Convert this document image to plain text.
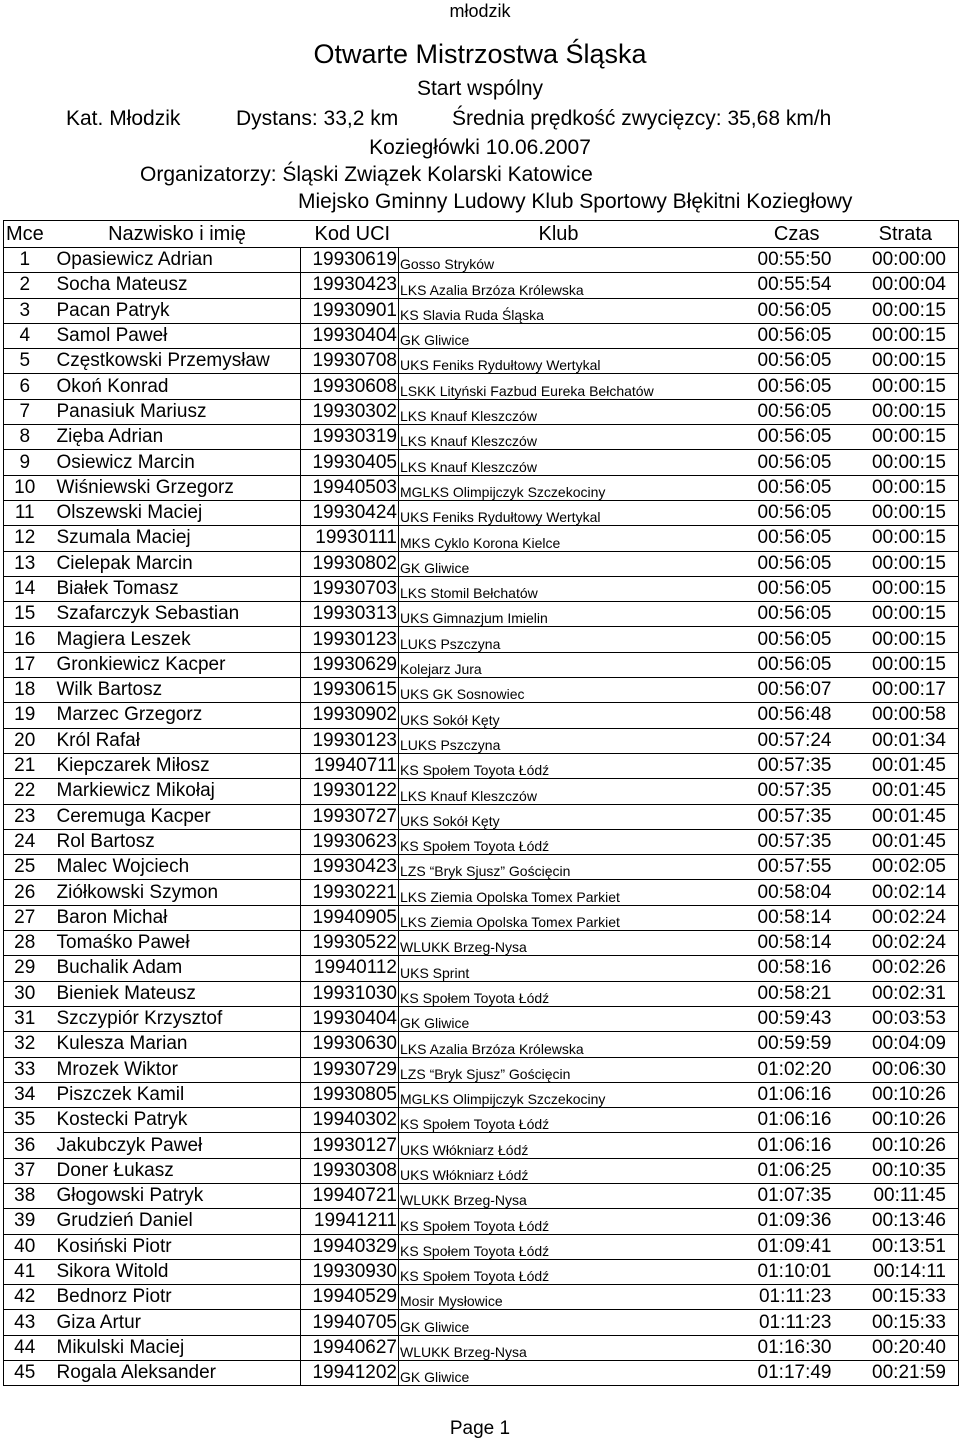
młodzik
Otwarte Mistrzostwa Śląska
Start wspólny
Kat. Młodzik	Dystans: 33,2 km	Średnia prędkość zwycięzcy: 35,68 km/h
Koziegłówki 10.06.2007
Organizatorzy: Śląski Związek Kolarski Katowice
Miejsko Gminny Ludowy Klub Sportowy Błękitni Koziegłowy
Mce	Nazwisko i imię	Kod UCI	Klub	Czas	Strata
1	Opasiewicz Adrian	19930619	Gosso Stryków	00:55:50	00:00:00
2	Socha Mateusz	19930423	LKS Azalia Brzóza Królewska	00:55:54	00:00:04
3	Pacan Patryk	19930901	KS Slavia Ruda Śląska	00:56:05	00:00:15
4	Samol Paweł	19930404	GK Gliwice	00:56:05	00:00:15
5	Częstkowski Przemysław	19930708	UKS Feniks Rydułtowy Wertykal	00:56:05	00:00:15
6	Okoń Konrad	19930608	LSKK Lityński Fazbud Eureka Bełchatów	00:56:05	00:00:15
7	Panasiuk Mariusz	19930302	LKS Knauf Kleszczów	00:56:05	00:00:15
8	Zięba Adrian	19930319	LKS Knauf Kleszczów	00:56:05	00:00:15
9	Osiewicz Marcin	19930405	LKS Knauf Kleszczów	00:56:05	00:00:15
10	Wiśniewski Grzegorz	19940503	MGLKS Olimpijczyk Szczekociny	00:56:05	00:00:15
11	Olszewski Maciej	19930424	UKS Feniks Rydułtowy Wertykal	00:56:05	00:00:15
12	Szumala Maciej	19930111	MKS Cyklo Korona Kielce	00:56:05	00:00:15
13	Cielepak Marcin	19930802	GK Gliwice	00:56:05	00:00:15
14	Białek Tomasz	19930703	LKS Stomil Bełchatów	00:56:05	00:00:15
15	Szafarczyk Sebastian	19930313	UKS Gimnazjum Imielin	00:56:05	00:00:15
16	Magiera Leszek	19930123	LUKS Pszczyna	00:56:05	00:00:15
17	Gronkiewicz Kacper	19930629	Kolejarz Jura	00:56:05	00:00:15
18	Wilk Bartosz	19930615	UKS GK Sosnowiec	00:56:07	00:00:17
19	Marzec Grzegorz	19930902	UKS Sokół Kęty	00:56:48	00:00:58
20	Król Rafał	19930123	LUKS Pszczyna	00:57:24	00:01:34
21	Kiepczarek Miłosz	19940711	KS Społem Toyota Łódź	00:57:35	00:01:45
22	Markiewicz Mikołaj	19930122	LKS Knauf Kleszczów	00:57:35	00:01:45
23	Ceremuga Kacper	19930727	UKS Sokół Kęty	00:57:35	00:01:45
24	Rol Bartosz	19930623	KS Społem Toyota Łódź	00:57:35	00:01:45
25	Malec Wojciech	19930423	LZS “Bryk Sjusz” Gościęcin	00:57:55	00:02:05
26	Ziółkowski Szymon	19930221	LKS Ziemia Opolska Tomex Parkiet	00:58:04	00:02:14
27	Baron Michał	19940905	LKS Ziemia Opolska Tomex Parkiet	00:58:14	00:02:24
28	Tomaśko Paweł	19930522	WLUKK Brzeg-Nysa	00:58:14	00:02:24
29	Buchalik Adam	19940112	UKS Sprint	00:58:16	00:02:26
30	Bieniek Mateusz	19931030	KS Społem Toyota Łódź	00:58:21	00:02:31
31	Szczypiór Krzysztof	19930404	GK Gliwice	00:59:43	00:03:53
32	Kulesza Marian	19930630	LKS Azalia Brzóza Królewska	00:59:59	00:04:09
33	Mrozek Wiktor	19930729	LZS “Bryk Sjusz” Gościęcin	01:02:20	00:06:30
34	Piszczek Kamil	19930805	MGLKS Olimpijczyk Szczekociny	01:06:16	00:10:26
35	Kostecki Patryk	19940302	KS Społem Toyota Łódź	01:06:16	00:10:26
36	Jakubczyk Paweł	19930127	UKS Włókniarz Łódź	01:06:16	00:10:26
37	Doner Łukasz	19930308	UKS Włókniarz Łódź	01:06:25	00:10:35
38	Głogowski Patryk	19940721	WLUKK Brzeg-Nysa	01:07:35	00:11:45
39	Grudzień Daniel	19941211	KS Społem Toyota Łódź	01:09:36	00:13:46
40	Kosiński Piotr	19940329	KS Społem Toyota Łódź	01:09:41	00:13:51
41	Sikora Witold	19930930	KS Społem Toyota Łódź	01:10:01	00:14:11
42	Bednorz Piotr	19940529	Mosir Mysłowice	01:11:23	00:15:33
43	Giza Artur	19940705	GK Gliwice	01:11:23	00:15:33
44	Mikulski Maciej	19940627	WLUKK Brzeg-Nysa	01:16:30	00:20:40
45	Rogala Aleksander	19941202	GK Gliwice	01:17:49	00:21:59
Page 1
